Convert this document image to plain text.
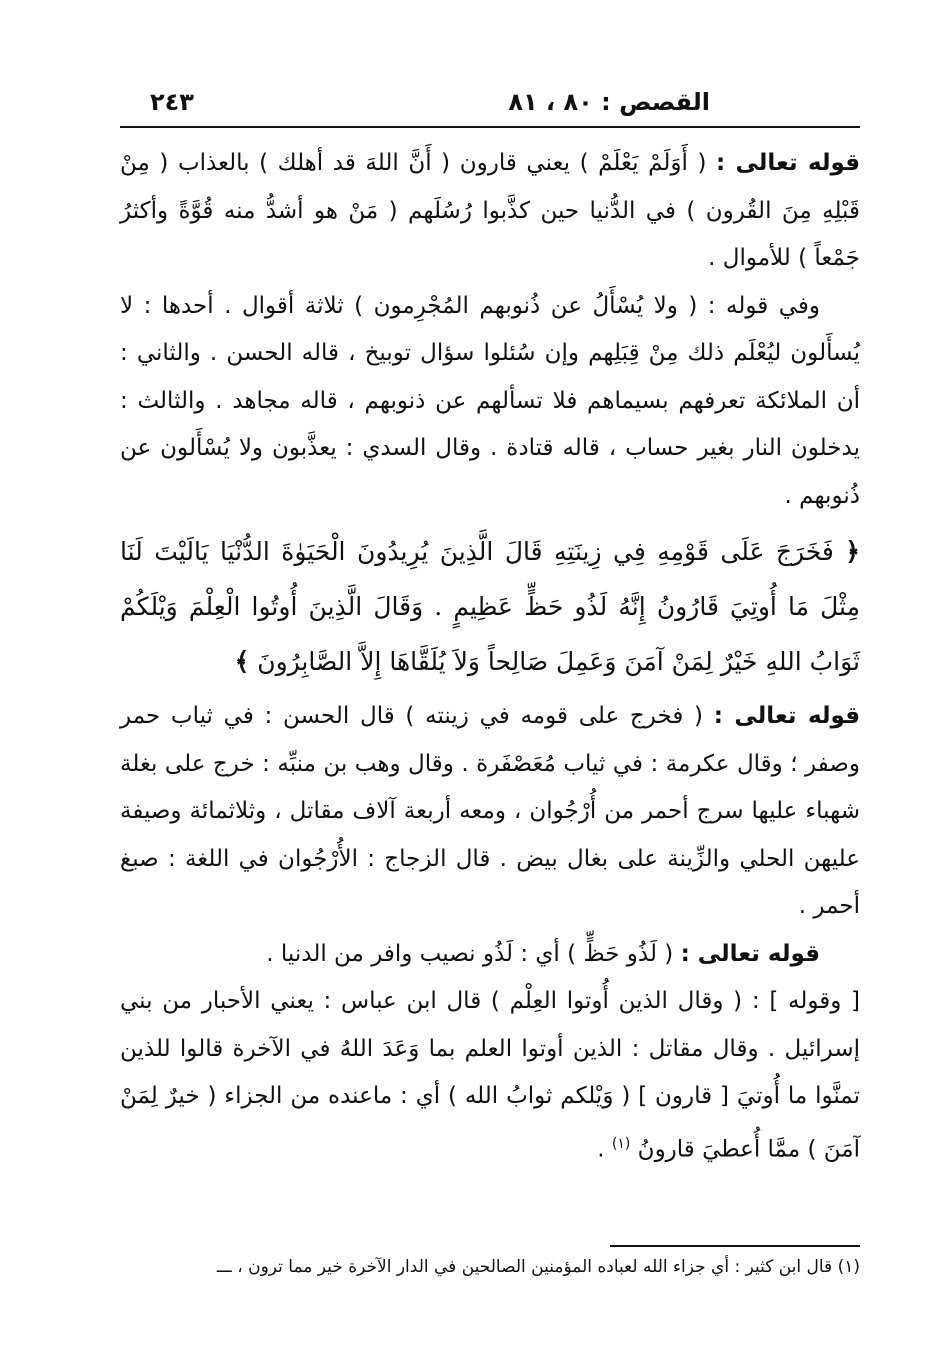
القصص : ٨٠ ، ٨١
٢٤٣

قوله تعالى : ( أَوَلَمْ يَعْلَمْ ) يعني قارون ( أَنَّ اللهَ قد أهلك ) بالعذاب ( مِنْ قَبْلِهِ مِنَ القُرون ) في الدُّنيا حين كذَّبوا رُسُلَهم ( مَنْ هو أشدُّ منه قُوَّةً وأكثرُ جَمْعاً ) للأموال .

وفي قوله : ( ولا يُسْأَلُ عن ذُنوبهم المُجْرِمون ) ثلاثة أقوال . أحدها : لا يُسأَلون ليُعْلَم ذلك مِنْ قِبَلِهم وإن سُئلوا سؤال توبيخ ، قاله الحسن . والثاني : أن الملائكة تعرفهم بسيماهم فلا تسألهم عن ذنوبهم ، قاله مجاهد . والثالث : يدخلون النار بغير حساب ، قاله قتادة . وقال السدي : يعذَّبون ولا يُسْأَلون عن ذُنوبهم .

﴿ فَخَرَجَ عَلَى قَوْمِهِ فِي زِينَتِهِ قَالَ الَّذِينَ يُرِيدُونَ الْحَيَوٰةَ الدُّنْيَا يَالَيْتَ لَنَا مِثْلَ مَا أُوتِيَ قَارُونُ إِنَّهُ لَذُو حَظٍّ عَظِيمٍ . وَقَالَ الَّذِينَ أُوتُوا الْعِلْمَ وَيْلَكُمْ ثَوَابُ اللهِ خَيْرٌ لِمَنْ آمَنَ وَعَمِلَ صَالِحاً وَلاَ يُلَقَّاهَا إِلاَّ الصَّابِرُونَ ﴾

قوله تعالى : ( فخرج على قومه في زينته ) قال الحسن : في ثياب حمر وصفر ؛ وقال عكرمة : في ثياب مُعَصْفَرة . وقال وهب بن منبِّه : خرج على بغلة شهباء عليها سرج أحمر من أُرْجُوان ، ومعه أربعة آلاف مقاتل ، وثلاثمائة وصيفة عليهن الحلي والزِّينة على بغال بيض . قال الزجاج : الأُرْجُوان في اللغة : صبغ أحمر .

قوله تعالى : ( لَذُو حَظٍّ ) أي : لَذُو نصيب وافر من الدنيا .

[ وقوله ] : ( وقال الذين أُوتوا العِلْم ) قال ابن عباس : يعني الأحبار من بني إسرائيل . وقال مقاتل : الذين أوتوا العلم بما وَعَدَ اللهُ في الآخرة قالوا للذين تمنَّوا ما أُوتيَ [ قارون ] ( وَيْلكم ثوابُ الله ) أي : ماعنده من الجزاء ( خيرٌ لِمَنْ آمَنَ ) ممَّا أُعطيَ قارونُ $^{(١)}$ .

(١) قال ابن كثير : أي جزاء الله لعباده المؤمنين الصالحين في الدار الآخرة خير مما ترون ، ـــ
